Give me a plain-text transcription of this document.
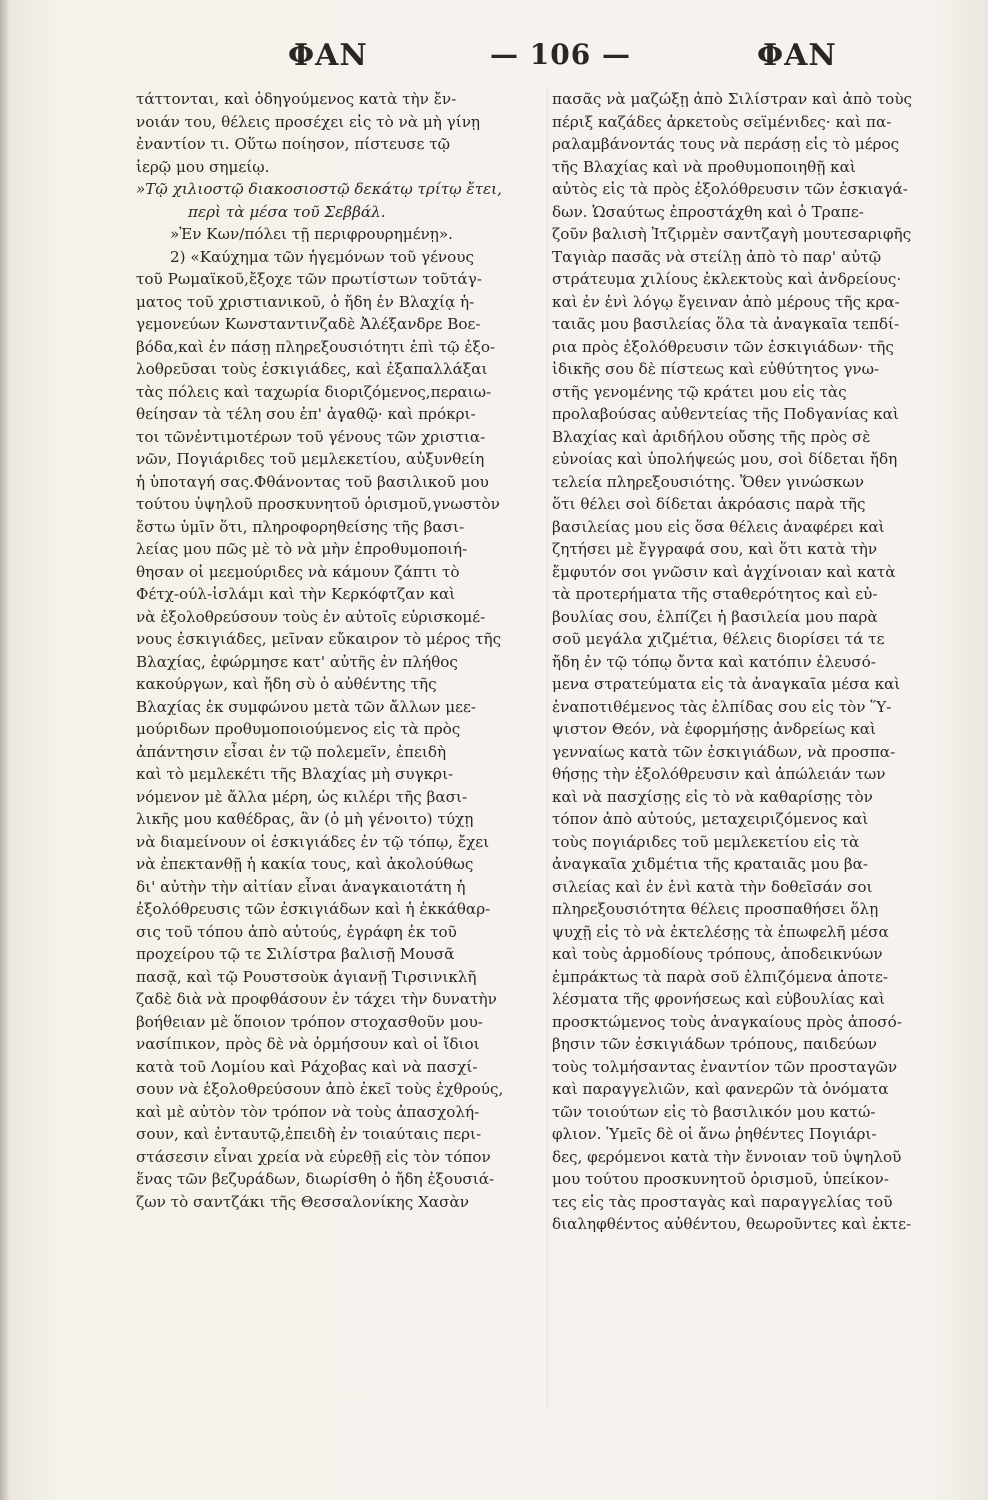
ΦΑΝ	— 106 —	ΦΑΝ
τάττονται, καὶ ὁδηγούμενος κατὰ τὴν ἔν-
νοιάν του, θέλεις προσέχει εἰς τὸ νὰ μὴ γίνῃ
ἐναντίον τι. Οὕτω ποίησον, πίστευσε τῷ
ἱερῷ μου σημείῳ.
»Τῷ χιλιοστῷ διακοσιοστῷ δεκάτῳ τρίτῳ ἔτει,
περὶ τὰ μέσα τοῦ Σεββάλ.
»Ἐν Κων/πόλει τῇ περιφρουρημένῃ».
2) «Καύχημα τῶν ἡγεμόνων τοῦ γένους
τοῦ Ρωμαϊκοῦ,ἔξοχε τῶν πρωτίστων τοῦτάγ-
ματος τοῦ χριστιανικοῦ, ὁ ἤδη ἐν Βλαχίᾳ ἡ-
γεμονεύων Κωνσταντινζαδὲ Ἀλέξανδρε Βοε-
βόδα,καὶ ἐν πάσῃ πληρεξουσιότητι ἐπὶ τῷ ἐξο-
λοθρεῦσαι τοὺς ἐσκιγιάδες, καὶ ἐξαπαλλάξαι
τὰς πόλεις καὶ ταχωρία διοριζόμενος,περαιω-
θείησαν τὰ τέλη σου ἐπ' ἀγαθῷ· καὶ πρόκρι-
τοι τῶνἐντιμοτέρων τοῦ γένους τῶν χριστια-
νῶν, Πογιάριδες τοῦ μεμλεκετίου, αὐξυνθείη
ἡ ὑποταγή σας.Φθάνοντας τοῦ βασιλικοῦ μου
τούτου ὑψηλοῦ προσκυνητοῦ ὁρισμοῦ,γνωστὸν
ἔστω ὑμῖν ὅτι, πληροφορηθείσης τῆς βασι-
λείας μου πῶς μὲ τὸ νὰ μὴν ἐπροθυμοποιή-
θησαν οἱ μεεμούριδες νὰ κάμουν ζάπτι τὸ
Φέτχ-ούλ-ἰσλάμι καὶ τὴν Κερκόφτζαν καὶ
νὰ ἐξολοθρεύσουν τοὺς ἐν αὐτοῖς εὑρισκομέ-
νους ἐσκιγιάδες, μεῖναν εὔκαιρον τὸ μέρος τῆς
Βλαχίας, ἐφώρμησε κατ' αὐτῆς ἐν πλήθος
κακούργων, καὶ ἤδη σὺ ὁ αὐθέντης τῆς
Βλαχίας ἐκ συμφώνου μετὰ τῶν ἄλλων μεε-
μούριδων προθυμοποιούμενος εἰς τὰ πρὸς
ἀπάντησιν εἶσαι ἐν τῷ πολεμεῖν, ἐπειδὴ
καὶ τὸ μεμλεκέτι τῆς Βλαχίας μὴ συγκρι-
νόμενον μὲ ἄλλα μέρη, ὡς κιλέρι τῆς βασι-
λικῆς μου καθέδρας, ἂν (ὁ μὴ γένοιτο) τύχῃ
νὰ διαμείνουν οἱ ἐσκιγιάδες ἐν τῷ τόπῳ, ἔχει
νὰ ἐπεκτανθῇ ἡ κακία τους, καὶ ἀκολούθως
δι' αὐτὴν τὴν αἰτίαν εἶναι ἀναγκαιοτάτη ἡ
ἐξολόθρευσις τῶν ἐσκιγιάδων καὶ ἡ ἐκκάθαρ-
σις τοῦ τόπου ἀπὸ αὐτούς, ἐγράφη ἐκ τοῦ
προχείρου τῷ τε Σιλίστρα βαλισῇ Μουσᾶ
πασᾷ, καὶ τῷ Ρουστσοὺκ ἀγιανῇ Τιρσινικλῆ
ζαδὲ διὰ νὰ προφθάσουν ἐν τάχει τὴν δυνατὴν
βοήθειαν μὲ ὅποιον τρόπον στοχασθοῦν μου-
νασίπικον, πρὸς δὲ νὰ ὁρμήσουν καὶ οἱ ἴδιοι
κατὰ τοῦ Λομίου καὶ Ράχοβας καὶ νὰ πασχί-
σουν νὰ ἐξολοθρεύσουν ἀπὸ ἐκεῖ τοὺς ἐχθρούς,
καὶ μὲ αὐτὸν τὸν τρόπον νὰ τοὺς ἀπασχολή-
σουν, καὶ ἐνταυτῷ,ἐπειδὴ ἐν τοιαύταις περι-
στάσεσιν εἶναι χρεία νὰ εὑρεθῇ εἰς τὸν τόπον
ἕνας τῶν βεζυράδων, διωρίσθη ὁ ἤδη ἐξουσιά-
ζων τὸ σαντζάκι τῆς Θεσσαλονίκης Χασὰν
πασᾶς νὰ μαζώξῃ ἀπὸ Σιλίστραν καὶ ἀπὸ τοὺς
πέριξ καζάδες ἀρκετοὺς σεϊμένιδες· καὶ πα-
ραλαμβάνοντάς τους νὰ περάσῃ εἰς τὸ μέρος
τῆς Βλαχίας καὶ νὰ προθυμοποιηθῇ καὶ
αὐτὸς εἰς τὰ πρὸς ἐξολόθρευσιν τῶν ἐσκιαγά-
δων. Ὡσαύτως ἐπροστάχθη καὶ ὁ Τραπε-
ζοῦν βαλισὴ Ἰτζιρμὲν σαντζαγὴ μουτεσαριφῆς
Ταγιὰρ πασᾶς νὰ στείλῃ ἀπὸ τὸ παρ' αὐτῷ
στράτευμα χιλίους ἐκλεκτοὺς καὶ ἀνδρείους·
καὶ ἐν ἑνὶ λόγῳ ἔγειναν ἀπὸ μέρους τῆς κρα-
ταιᾶς μου βασιλείας ὅλα τὰ ἀναγκαῖα τεπδί-
ρια πρὸς ἐξολόθρευσιν τῶν ἐσκιγιάδων· τῆς
ἰδικῆς σου δὲ πίστεως καὶ εὐθύτητος γνω-
στῆς γενομένης τῷ κράτει μου εἰς τὰς
προλαβούσας αὐθεντείας τῆς Ποδγανίας καὶ
Βλαχίας καὶ ἀριδήλου οὔσης τῆς πρὸς σὲ
εὐνοίας καὶ ὑπολήψεώς μου, σοὶ δίδεται ἤδη
τελεία πληρεξουσιότης. Ὅθεν γινώσκων
ὅτι θέλει σοὶ δίδεται ἀκρόασις παρὰ τῆς
βασιλείας μου εἰς ὅσα θέλεις ἀναφέρει καὶ
ζητήσει μὲ ἔγγραφά σου, καὶ ὅτι κατὰ τὴν
ἔμφυτόν σοι γνῶσιν καὶ ἀγχίνοιαν καὶ κατὰ
τὰ προτερήματα τῆς σταθερότητος καὶ εὐ-
βουλίας σου, ἐλπίζει ἡ βασιλεία μου παρὰ
σοῦ μεγάλα χιζμέτια, θέλεις διορίσει τά τε
ἤδη ἐν τῷ τόπῳ ὄντα καὶ κατόπιν ἐλευσό-
μενα στρατεύματα εἰς τὰ ἀναγκαῖα μέσα καὶ
ἐναποτιθέμενος τὰς ἐλπίδας σου εἰς τὸν Ὕ-
ψιστον Θεόν, νὰ ἐφορμήσῃς ἀνδρείως καὶ
γενναίως κατὰ τῶν ἐσκιγιάδων, νὰ προσπα-
θήσῃς τὴν ἐξολόθρευσιν καὶ ἀπώλειάν των
καὶ νὰ πασχίσῃς εἰς τὸ νὰ καθαρίσῃς τὸν
τόπον ἀπὸ αὐτούς, μεταχειριζόμενος καὶ
τοὺς πογιάριδες τοῦ μεμλεκετίου εἰς τὰ
ἀναγκαῖα χιδμέτια τῆς κραταιᾶς μου βα-
σιλείας καὶ ἐν ἑνὶ κατὰ τὴν δοθεῖσάν σοι
πληρεξουσιότητα θέλεις προσπαθήσει ὅλῃ
ψυχῇ εἰς τὸ νὰ ἐκτελέσῃς τὰ ἐπωφελῆ μέσα
καὶ τοὺς ἁρμοδίους τρόπους, ἀποδεικνύων
ἐμπράκτως τὰ παρὰ σοῦ ἐλπιζόμενα ἀποτε-
λέσματα τῆς φρονήσεως καὶ εὐβουλίας καὶ
προσκτώμενος τοὺς ἀναγκαίους πρὸς ἀποσό-
βησιν τῶν ἐσκιγιάδων τρόπους, παιδεύων
τοὺς τολμήσαντας ἐναντίον τῶν προσταγῶν
καὶ παραγγελιῶν, καὶ φανερῶν τὰ ὀνόματα
τῶν τοιούτων εἰς τὸ βασιλικόν μου κατώ-
φλιον. Ὑμεῖς δὲ οἱ ἄνω ῥηθέντες Πογιάρι-
δες, φερόμενοι κατὰ τὴν ἔννοιαν τοῦ ὑψηλοῦ
μου τούτου προσκυνητοῦ ὁρισμοῦ, ὑπείκον-
τες εἰς τὰς προσταγὰς καὶ παραγγελίας τοῦ
διαληφθέντος αὐθέντου, θεωροῦντες καὶ ἐκτε-
